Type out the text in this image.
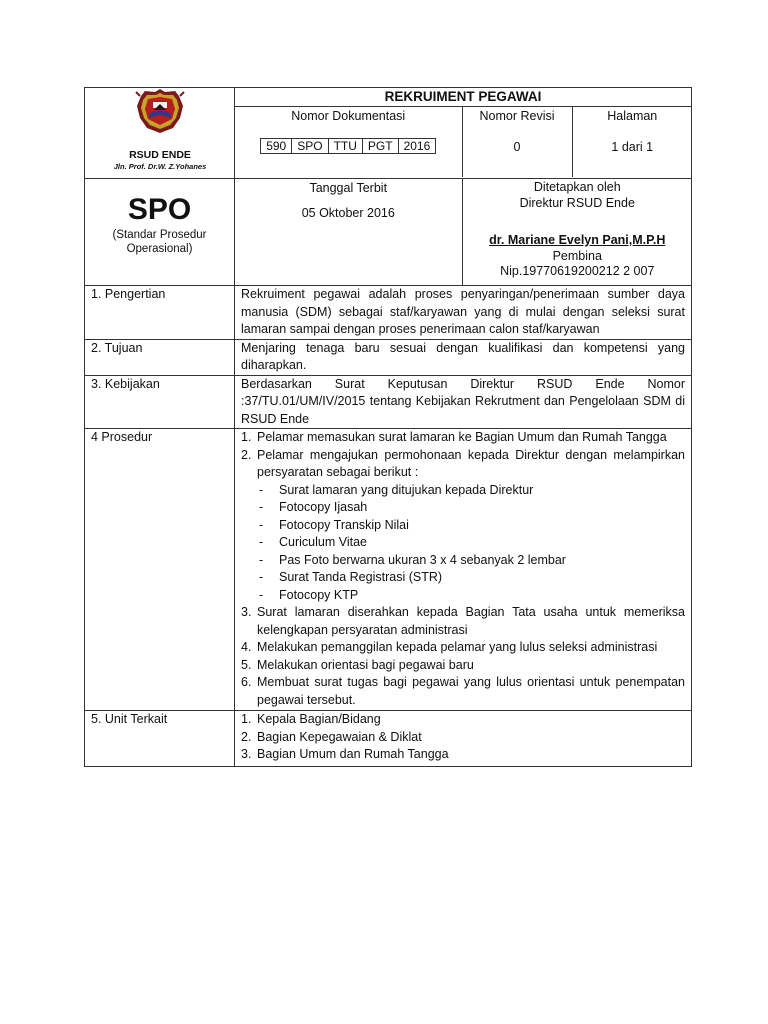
RSUD ENDE
Jln. Prof. Dr.W. Z.Yohanes

REKRUIMENT PEGAWAI
Nomor Dokumentasi
590	SPO	TTU	PGT	2016

Nomor Revisi
0

Halaman
1 dari 1

SPO
(Standar Prosedur
Operasional)

Tanggal Terbit
05 Oktober 2016

Ditetapkan oleh
Direktur RSUD Ende
dr. Mariane Evelyn Pani,M.P.H
Pembina
Nip.19770619200212 2 007

1. Pengertian	Rekruiment pegawai adalah proses penyaringan/penerimaan sumber daya manusia (SDM) sebagai staf/karyawan yang di mulai dengan seleksi surat lamaran sampai dengan proses penerimaan calon staf/karyawan
2. Tujuan	Menjaring tenaga baru sesuai dengan kualifikasi dan kompetensi yang diharapkan.
3. Kebijakan	Berdasarkan Surat Keputusan Direktur RSUD Ende Nomor :37/TU.01/UM/IV/2015 tentang Kebijakan Rekrutment dan Pengelolaan SDM di RSUD Ende
4 Prosedur	1. Pelamar memasukan surat lamaran ke Bagian Umum dan Rumah Tangga
2. Pelamar mengajukan permohonaan kepada Direktur dengan melampirkan persyaratan sebagai berikut :
- Surat lamaran yang ditujukan kepada Direktur
- Fotocopy Ijasah
- Fotocopy Transkip Nilai
- Curiculum Vitae
- Pas Foto berwarna ukuran 3 x 4 sebanyak 2 lembar
- Surat Tanda Registrasi (STR)
- Fotocopy KTP
3. Surat lamaran diserahkan kepada Bagian Tata usaha untuk memeriksa kelengkapan persyaratan administrasi
4. Melakukan pemanggilan kepada pelamar yang lulus seleksi administrasi
5. Melakukan orientasi bagi pegawai baru
6. Membuat surat tugas bagi pegawai yang lulus orientasi untuk penempatan pegawai tersebut.

5. Unit Terkait	1. Kepala Bagian/Bidang
2. Bagian Kepegawaian & Diklat
3. Bagian Umum dan Rumah Tangga
